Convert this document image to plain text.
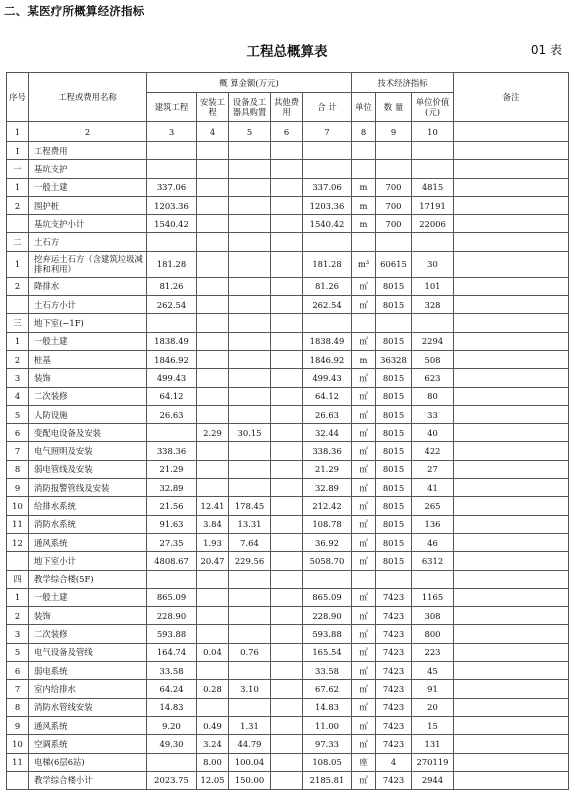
二、某医疗所概算经济指标
工程总概算表	01 表
序号	工程或费用名称	概 算金额(万元)					技术经济指标			备注
		建筑工程	安装工程	设备及工器具购置	其他费用	合 计	单位	数 量	单位价值(元)	
1	2	3	4	5	6	7	8	9	10	
Ⅰ	工程费用									
一	基坑支护									
1	一般土建	337.06				337.06	m	700	4815	
2	围护桩	1203.36				1203.36	m	700	17191	
	基坑支护小计	1540.42				1540.42	m	700	22006	
二	土石方									
1	挖弃运土石方（含建筑垃圾减排和利用）	181.28				181.28	m³	60615	30	
2	降排水	81.26				81.26	㎡	8015	101	
	土石方小计	262.54				262.54	㎡	8015	328	
三	地下室(−1F)									
1	一般土建	1838.49				1838.49	㎡	8015	2294	
2	桩基	1846.92				1846.92	m	36328	508	
3	装饰	499.43				499.43	㎡	8015	623	
4	二次装修	64.12				64.12	㎡	8015	80	
5	人防设施	26.63				26.63	㎡	8015	33	
6	变配电设备及安装		2.29	30.15		32.44	㎡	8015	40	
7	电气照明及安装	338.36				338.36	㎡	8015	422	
8	弱电管线及安装	21.29				21.29	㎡	8015	27	
9	消防报警管线及安装	32.89				32.89	㎡	8015	41	
10	给排水系统	21.56	12.41	178.45		212.42	㎡	8015	265	
11	消防水系统	91.63	3.84	13.31		108.78	㎡	8015	136	
12	通风系统	27.35	1.93	7.64		36.92	㎡	8015	46	
	地下室小计	4808.67	20.47	229.56		5058.70	㎡	8015	6312	
四	教学综合楼(5F)									
1	一般土建	865.09				865.09	㎡	7423	1165	
2	装饰	228.90				228.90	㎡	7423	308	
3	二次装修	593.88				593.88	㎡	7423	800	
5	电气设备及管线	164.74	0.04	0.76		165.54	㎡	7423	223	
6	弱电系统	33.58				33.58	㎡	7423	45	
7	室内给排水	64.24	0.28	3.10		67.62	㎡	7423	91	
8	消防水管线安装	14.83				14.83	㎡	7423	20	
9	通风系统	9.20	0.49	1.31		11.00	㎡	7423	15	
10	空调系统	49.30	3.24	44.79		97.33	㎡	7423	131	
11	电梯(6层6站)		8.00	100.04		108.05	座	4	270119	
	教学综合楼小计	2023.75	12.05	150.00		2185.81	㎡	7423	2944	
